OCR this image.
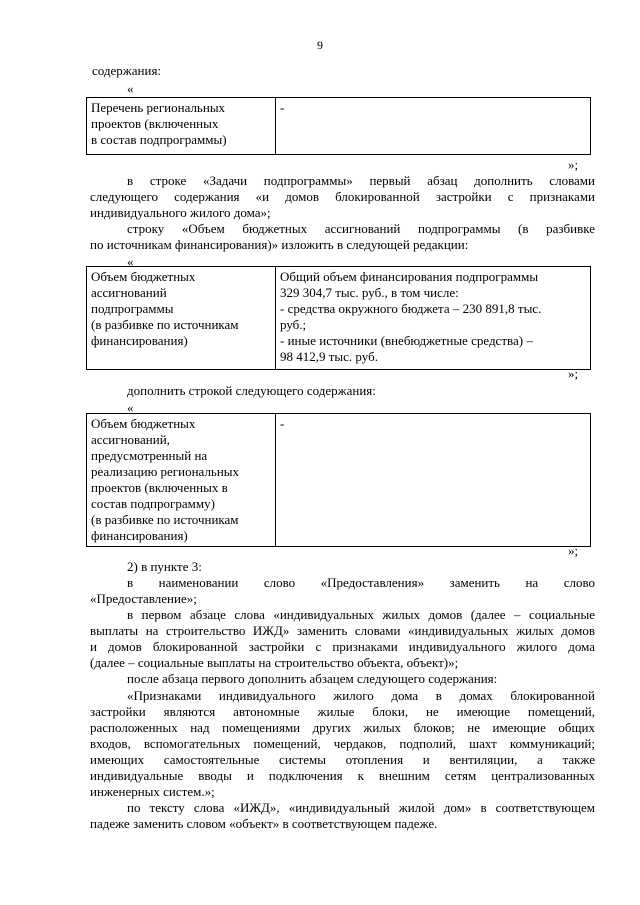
9
содержания:
«
Перечень региональных
проектов (включенных
в состав подпрограммы)

-
»;
в строке «Задачи подпрограммы» первый абзац дополнить словами
следующего содержания «и домов блокированной застройки с признаками
индивидуального жилого дома»;
строку «Объем бюджетных ассигнований подпрограммы (в разбивке
по источникам финансирования)» изложить в следующей редакции:
«
Объем бюджетных
ассигнований
подпрограммы
(в разбивке по источникам
финансирования)

Общий объем финансирования подпрограммы
329 304,7 тыс. руб., в том числе:
- средства окружного бюджета – 230 891,8 тыс.
руб.;
- иные источники (внебюджетные средства) –
98 412,9 тыс. руб.
»;
дополнить строкой следующего содержания:
«
Объем бюджетных
ассигнований,
предусмотренный на
реализацию региональных
проектов (включенных в
состав подпрограмму)
(в разбивке по источникам
финансирования)

-
»;
2) в пункте 3:
в наименовании слово «Предоставления» заменить на слово
«Предоставление»;
в первом абзаце слова «индивидуальных жилых домов (далее – социальные
выплаты на строительство ИЖД» заменить словами «индивидуальных жилых домов
и домов блокированной застройки с признаками индивидуального жилого дома
(далее – социальные выплаты на строительство объекта, объект)»;
после абзаца первого дополнить абзацем следующего содержания:
«Признаками индивидуального жилого дома в домах блокированной
застройки являются автономные жилые блоки, не имеющие помещений,
расположенных над помещениями других жилых блоков; не имеющие общих
входов, вспомогательных помещений, чердаков, подполий, шахт коммуникаций;
имеющих самостоятельные системы отопления и вентиляции, а также
индивидуальные вводы и подключения к внешним сетям централизованных
инженерных систем.»;
по тексту слова «ИЖД», «индивидуальный жилой дом» в соответствующем
падеже заменить словом «объект» в соответствующем падеже.
